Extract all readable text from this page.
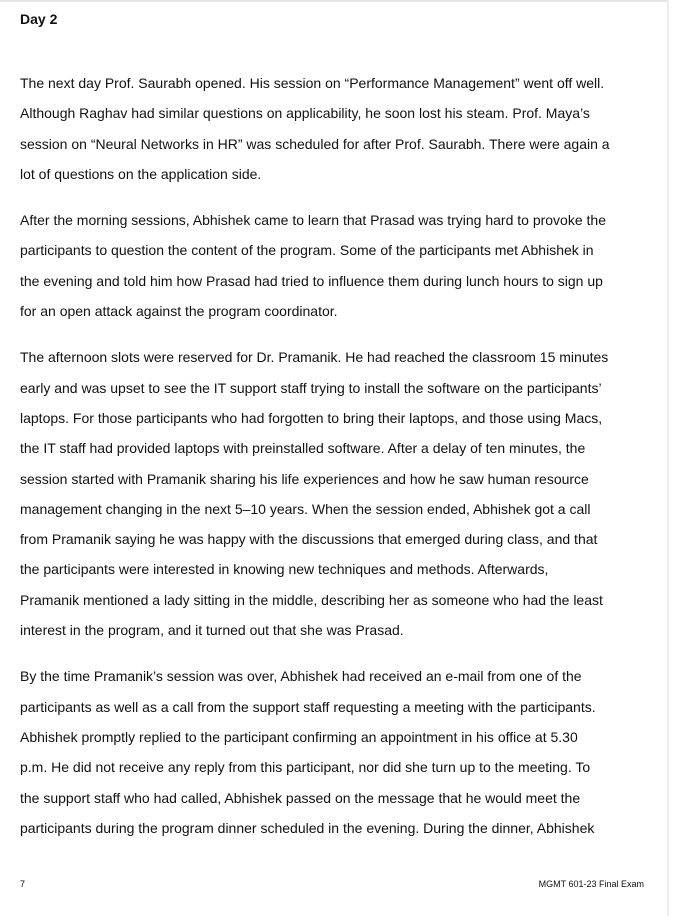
Day 2

The next day Prof. Saurabh opened. His session on “Performance Management” went off well.
Although Raghav had similar questions on applicability, he soon lost his steam. Prof. Maya’s
session on “Neural Networks in HR” was scheduled for after Prof. Saurabh. There were again a
lot of questions on the application side.

After the morning sessions, Abhishek came to learn that Prasad was trying hard to provoke the
participants to question the content of the program. Some of the participants met Abhishek in
the evening and told him how Prasad had tried to influence them during lunch hours to sign up
for an open attack against the program coordinator.

The afternoon slots were reserved for Dr. Pramanik. He had reached the classroom 15 minutes
early and was upset to see the IT support staff trying to install the software on the participants’
laptops. For those participants who had forgotten to bring their laptops, and those using Macs,
the IT staff had provided laptops with preinstalled software. After a delay of ten minutes, the
session started with Pramanik sharing his life experiences and how he saw human resource
management changing in the next 5–10 years. When the session ended, Abhishek got a call
from Pramanik saying he was happy with the discussions that emerged during class, and that
the participants were interested in knowing new techniques and methods. Afterwards,
Pramanik mentioned a lady sitting in the middle, describing her as someone who had the least
interest in the program, and it turned out that she was Prasad.

By the time Pramanik’s session was over, Abhishek had received an e-mail from one of the
participants as well as a call from the support staff requesting a meeting with the participants.
Abhishek promptly replied to the participant confirming an appointment in his office at 5.30
p.m. He did not receive any reply from this participant, nor did she turn up to the meeting. To
the support staff who had called, Abhishek passed on the message that he would meet the
participants during the program dinner scheduled in the evening. During the dinner, Abhishek

7	MGMT 601-23 Final Exam
